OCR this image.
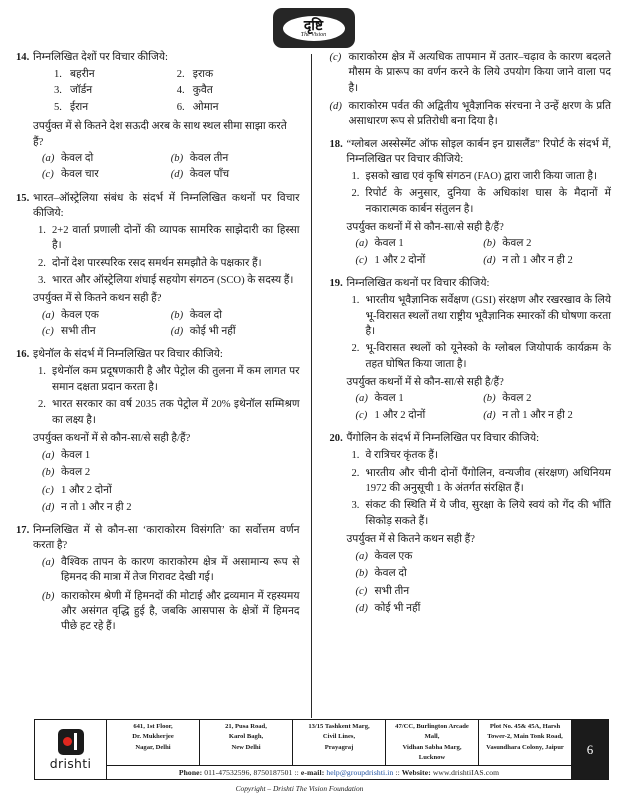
दृष्टि
The Vision
14. निम्नलिखित देशों पर विचार कीजिये:
1. बहरीन	2. इराक
3. जॉर्डन	4. कुवैत
5. ईरान	6. ओमान
उपर्युक्त में से कितने देश सऊदी अरब के साथ स्थल सीमा साझा करते हैं?
(a) केवल दो	(b) केवल तीन
(c) केवल चार	(d) केवल पाँच
15. भारत–ऑस्ट्रेलिया संबंध के संदर्भ में निम्नलिखित कथनों पर विचार कीजिये:
1. 2+2 वार्ता प्रणाली दोनों की व्यापक सामरिक साझेदारी का हिस्सा है।
2. दोनों देश पारस्परिक रसद समर्थन समझौते के पक्षकार हैं।
3. भारत और ऑस्ट्रेलिया शंघाई सहयोग संगठन (SCO) के सदस्य हैं।
उपर्युक्त में से कितने कथन सही हैं?
(a) केवल एक	(b) केवल दो
(c) सभी तीन	(d) कोई भी नहीं
16. इथेनॉल के संदर्भ में निम्नलिखित पर विचार कीजिये:
1. इथेनॉल कम प्रदूषणकारी है और पेट्रोल की तुलना में कम लागत पर समान दक्षता प्रदान करता है।
2. भारत सरकार का वर्ष 2035 तक पेट्रोल में 20% इथेनॉल सम्मिश्रण का लक्ष्य है।
उपर्युक्त कथनों में से कौन-सा/से सही है/हैं?
(a) केवल 1
(b) केवल 2
(c) 1 और 2 दोनों
(d) न तो 1 और न ही 2
17. निम्नलिखित में से कौन-सा ‘काराकोरम विसंगति’ का सर्वोत्तम वर्णन करता है?
(a) वैश्विक तापन के कारण काराकोरम क्षेत्र में असामान्य रूप से हिमनद की मात्रा में तेज गिरावट देखी गई।
(b) काराकोरम श्रेणी में हिमनदों की मोटाई और द्रव्यमान में रहस्यमय और असंगत वृद्धि हुई है, जबकि आसपास के क्षेत्रों में हिमनद पीछे हट रहे हैं।
(c) काराकोरम क्षेत्र में अत्यधिक तापमान में उतार–चढ़ाव के कारण बदलते मौसम के प्रारूप का वर्णन करने के लिये उपयोग किया जाने वाला पद है।
(d) काराकोरम पर्वत की अद्वितीय भूवैज्ञानिक संरचना ने उन्हें क्षरण के प्रति असाधारण रूप से प्रतिरोधी बना दिया है।
18. “ग्लोबल अस्सेस्मेंट ऑफ सोइल कार्बन इन ग्रासलैंड” रिपोर्ट के संदर्भ में, निम्नलिखित पर विचार कीजिये:
1. इसको खाद्य एवं कृषि संगठन (FAO) द्वारा जारी किया जाता है।
2. रिपोर्ट के अनुसार, दुनिया के अधिकांश घास के मैदानों में नकारात्मक कार्बन संतुलन है।
उपर्युक्त कथनों में से कौन-सा/से सही है/हैं?
(a) केवल 1	(b) केवल 2
(c) 1 और 2 दोनों	(d) न तो 1 और न ही 2
19. निम्नलिखित कथनों पर विचार कीजिये:
1. भारतीय भूवैज्ञानिक सर्वेक्षण (GSI) संरक्षण और रखरखाव के लिये भू-विरासत स्थलों तथा राष्ट्रीय भूवैज्ञानिक स्मारकों की घोषणा करता है।
2. भू-विरासत स्थलों को यूनेस्को के ग्लोबल जियोपार्क कार्यक्रम के तहत घोषित किया जाता है।
उपर्युक्त कथनों में से कौन-सा/से सही है/हैं?
(a) केवल 1	(b) केवल 2
(c) 1 और 2 दोनों	(d) न तो 1 और न ही 2
20. पैंगोलिन के संदर्भ में निम्नलिखित पर विचार कीजिये:
1. वे रात्रिचर कृंतक हैं।
2. भारतीय और चीनी दोनों पैंगोलिन, वन्यजीव (संरक्षण) अधिनियम 1972 की अनुसूची 1 के अंतर्गत संरक्षित हैं।
3. संकट की स्थिति में ये जीव, सुरक्षा के लिये स्वयं को गेंद की भाँति सिकोड़ सकते हैं।
उपर्युक्त में से कितने कथन सही हैं?
(a) केवल एक
(b) केवल दो
(c) सभी तीन
(d) कोई भी नहीं
drishti
641, 1st Floor,
Dr. Mukherjee
Nagar, Delhi
21, Pusa Road,
Karol Bagh,
New Delhi
13/15 Tashkent Marg,
Civil Lines,
Prayagraj
47/CC, Burlington Arcade Mall,
Vidhan Sabha Marg,
Lucknow
Plot No. 45& 45A, Harsh
Tower-2, Main Tonk Road,
Vasundhara Colony, Jaipur
Phone: 011-47532596, 8750187501 :: e-mail: help@groupdrishti.in :: Website: www.drishtiIAS.com
6
Copyright – Drishti The Vision Foundation
